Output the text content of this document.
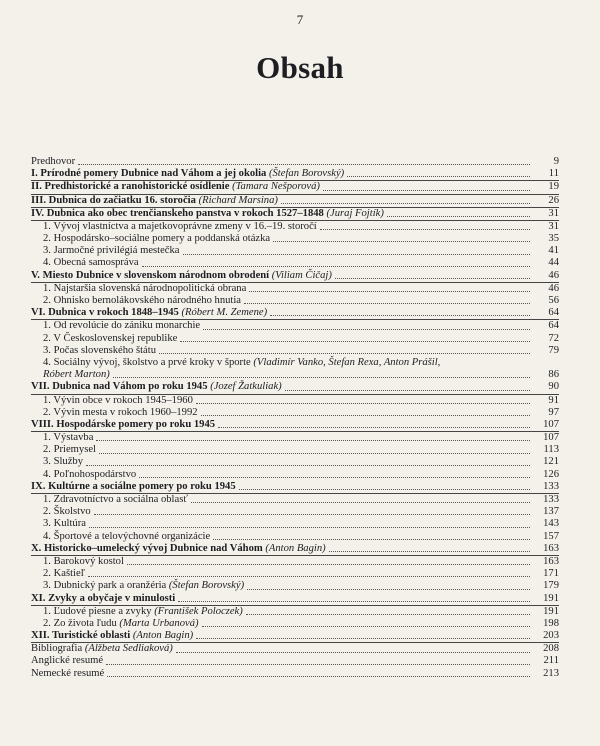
7
Obsah
Predhovor	9
I. Prírodné pomery Dubnice nad Váhom a jej okolia (Štefan Borovský)	11
II. Predhistorické a ranohistorické osídlenie (Tamara Nešporová)	19
III. Dubnica do začiatku 16. storočia (Richard Marsina)	26
IV. Dubnica ako obec trenčianskeho panstva v rokoch 1527–1848 (Juraj Fojtík)	31
1. Vývoj vlastníctva a majetkovoprávne zmeny v 16.–19. storočí	31
2. Hospodársko–sociálne pomery a poddanská otázka	35
3. Jarmočné privilégiá mestečka	41
4. Obecná samospráva	44
V. Miesto Dubnice v slovenskom národnom obrodení (Viliam Čičaj)	46
1. Najstaršia slovenská národnopolitická obrana	46
2. Ohnisko bernolákovského národného hnutia	56
VI. Dubnica v rokoch 1848–1945 (Róbert M. Zemene)	64
1. Od revolúcie do zániku monarchie	64
2. V Československej republike	72
3. Počas slovenského štátu	79
4. Sociálny vývoj, školstvo a prvé kroky v športe (Vladimír Vanko, Štefan Rexa, Anton Prášil,
Róbert Marton)	86
VII. Dubnica nad Váhom po roku 1945 (Jozef Žatkuliak)	90
1. Vývin obce v rokoch 1945–1960	91
2. Vývin mesta v rokoch 1960–1992	97
VIII. Hospodárske pomery po roku 1945	107
1. Výstavba	107
2. Priemysel	113
3. Služby	121
4. Poľnohospodárstvo	126
IX. Kultúrne a sociálne pomery po roku 1945	133
1. Zdravotníctvo a sociálna oblasť	133
2. Školstvo	137
3. Kultúra	143
4. Športové a telovýchovné organizácie	157
X. Historicko–umelecký vývoj Dubnice nad Váhom (Anton Bagin)	163
1. Barokový kostol	163
2. Kaštieľ	171
3. Dubnický park a oranžéria (Štefan Borovský)	179
XI. Zvyky a obyčaje v minulosti	191
1. Ľudové piesne a zvyky (František Poloczek)	191
2. Zo života ľudu (Marta Urbanová)	198
XII. Turistické oblasti (Anton Bagin)	203
Bibliografia (Alžbeta Sedliaková)	208
Anglické resumé	211
Nemecké resumé	213
